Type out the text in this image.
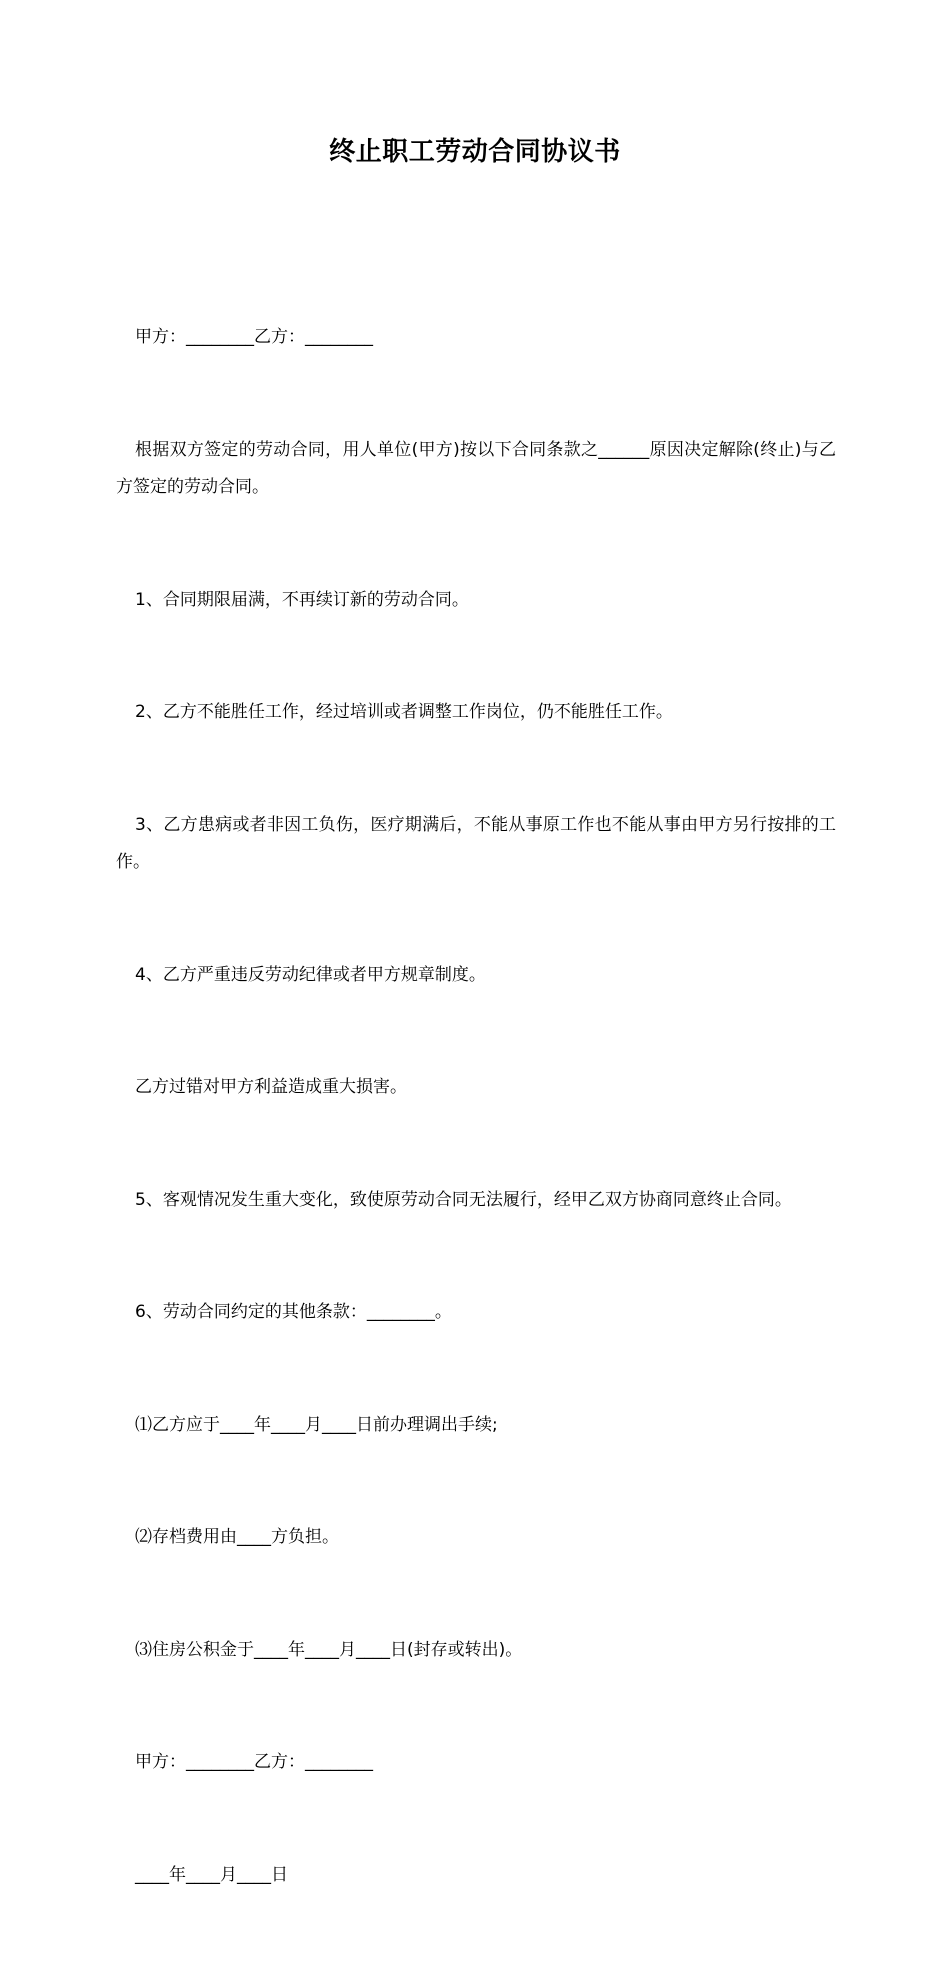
终止职工劳动合同协议书

甲方：________乙方：________

根据双方签定的劳动合同，用人单位(甲方)按以下合同条款之______原因决定解除(终止)与乙方签定的劳动合同。

1、合同期限届满，不再续订新的劳动合同。

2、乙方不能胜任工作，经过培训或者调整工作岗位，仍不能胜任工作。

3、乙方患病或者非因工负伤，医疗期满后，不能从事原工作也不能从事由甲方另行按排的工作。

4、乙方严重违反劳动纪律或者甲方规章制度。

乙方过错对甲方利益造成重大损害。

5、客观情况发生重大变化，致使原劳动合同无法履行，经甲乙双方协商同意终止合同。

6、劳动合同约定的其他条款：________。

⑴乙方应于____年____月____日前办理调出手续;

⑵存档费用由____方负担。

⑶住房公积金于____年____月____日(封存或转出)。

甲方：________乙方：________

____年____月____日
